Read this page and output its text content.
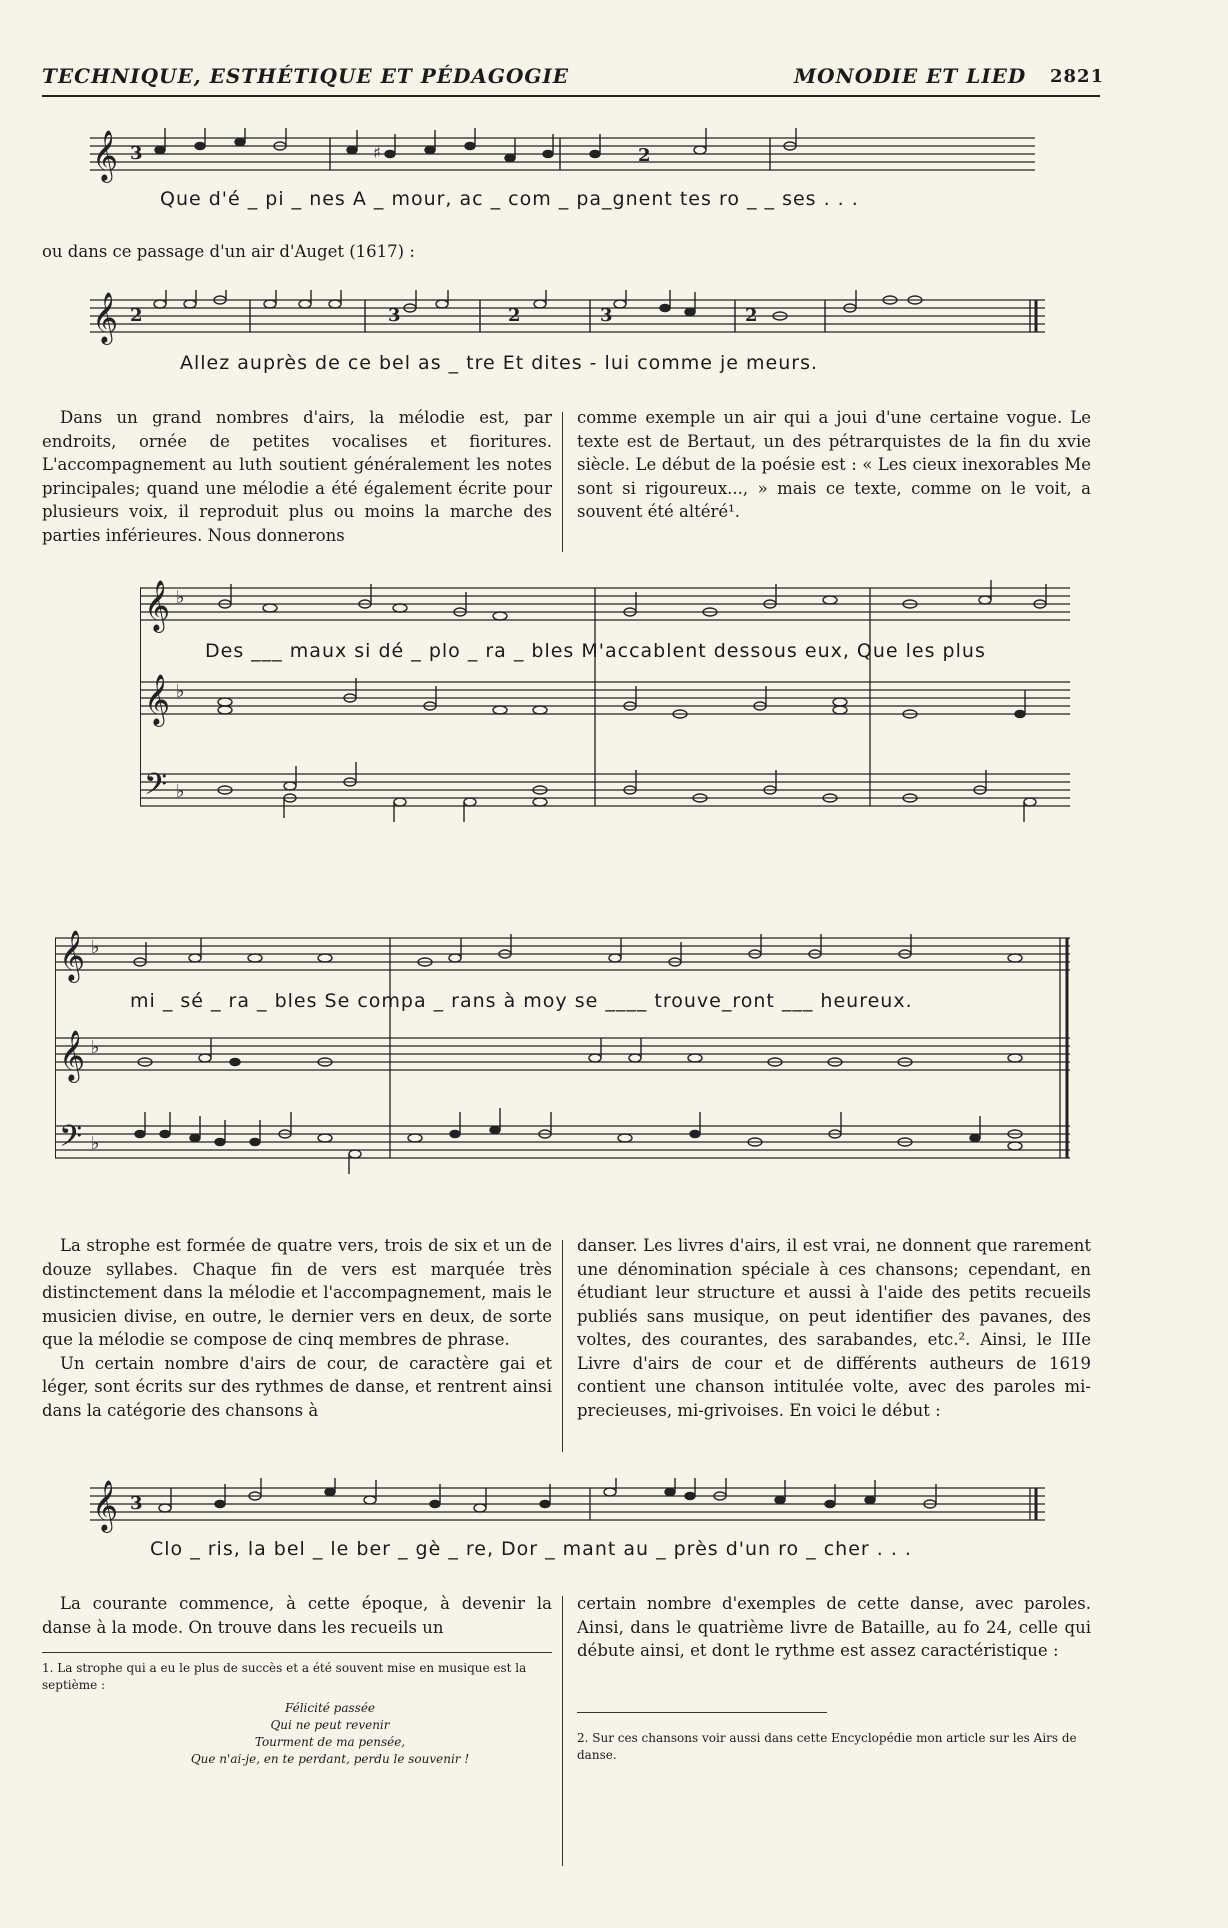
TECHNIQUE, ESTHÉTIQUE ET PÉDAGOGIE	MONODIE ET LIED 2821
𝄞 3	♯	2
Que d'é _ pi _ nes A _ mour, ac _ com _ pa_gnent tes ro _ _ ses . . .

ou dans ce passage d'un air d'Auget (1617) :

𝄞 2	3	2	3	2
Allez auprès de ce bel as _ tre Et dites - lui comme je meurs.

Dans un grand nombres d'airs, la mélodie est, par endroits, ornée de petites vocalises et fioritures. L'accompagnement au luth soutient généralement les notes principales; quand une mélodie a été également écrite pour plusieurs voix, il reproduit plus ou moins la marche des parties inférieures. Nous donnerons

comme exemple un air qui a joui d'une certaine vogue. Le texte est de Bertaut, un des pétrarquistes de la fin du xvie siècle. Le début de la poésie est : « Les cieux inexorables Me sont si rigoureux..., » mais ce texte, comme on le voit, a souvent été altéré¹.

𝄞
𝄞
𝄢
♭
♭
♭
Des ___ maux si dé _ plo _ ra _ bles M'accablent dessous eux, Que les plus
𝄞
𝄞
𝄢
♭
♭
♭
mi _ sé _ ra _ bles Se compa _ rans à moy se ____ trouve_ront ___ heureux.

La strophe est formée de quatre vers, trois de six et un de douze syllabes. Chaque fin de vers est marquée très distinctement dans la mélodie et l'accompagnement, mais le musicien divise, en outre, le dernier vers en deux, de sorte que la mélodie se compose de cinq membres de phrase.

Un certain nombre d'airs de cour, de caractère gai et léger, sont écrits sur des rythmes de danse, et rentrent ainsi dans la catégorie des chansons à

danser. Les livres d'airs, il est vrai, ne donnent que rarement une dénomination spéciale à ces chansons; cependant, en étudiant leur structure et aussi à l'aide des petits recueils publiés sans musique, on peut identifier des pavanes, des voltes, des courantes, des sarabandes, etc.². Ainsi, le IIIe Livre d'airs de cour et de différents autheurs de 1619 contient une chanson intitulée volte, avec des paroles mi-precieuses, mi-grivoises. En voici le début :

𝄞 3
Clo _ ris, la bel _ le ber _ gè _ re, Dor _ mant au _ près d'un ro _ cher . . .

La courante commence, à cette époque, à devenir la danse à la mode. On trouve dans les recueils un

certain nombre d'exemples de cette danse, avec paroles. Ainsi, dans le quatrième livre de Bataille, au fo 24, celle qui débute ainsi, et dont le rythme est assez caractéristique :

1. La strophe qui a eu le plus de succès et a été souvent mise en musique est la septième :
Félicité passée
Qui ne peut revenir
Tourment de ma pensée,
Que n'ai-je, en te perdant, perdu le souvenir !
2. Sur ces chansons voir aussi dans cette Encyclopédie mon article sur les Airs de danse.
